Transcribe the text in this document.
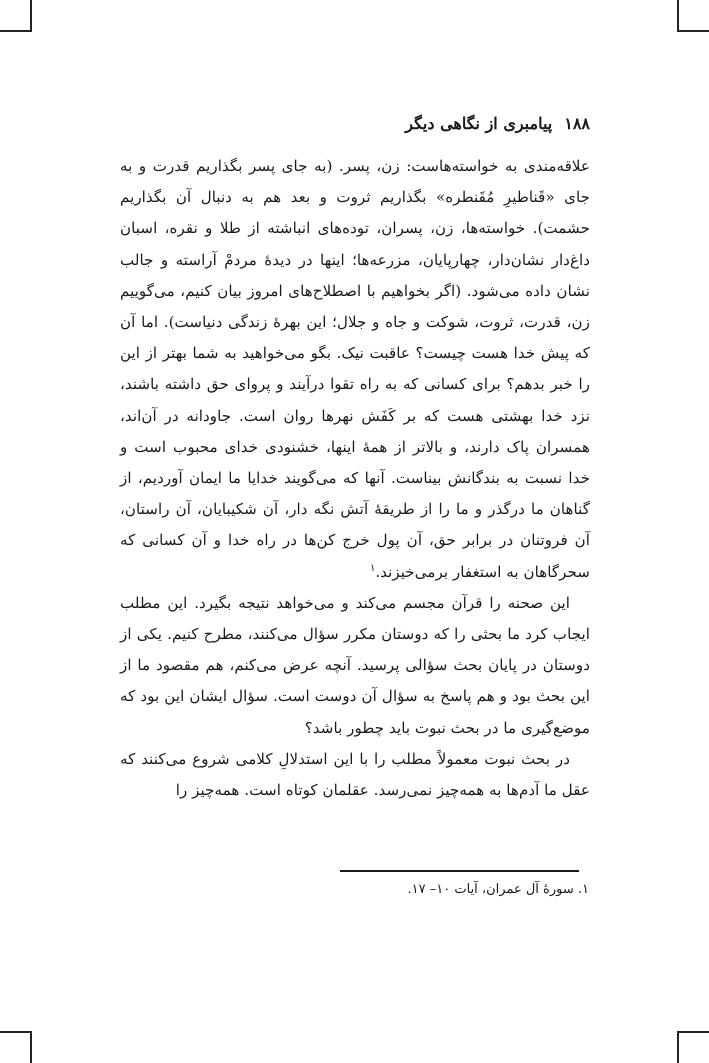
۱۸۸
پیامبری از نگاهی دیگر

علاقه‌مندی به خواسته‌هاست: زن، پسر. (به جای پسر بگذاریم قدرت و به جای «قَناطیرِ مُقَنطره» بگذاریم ثروت و بعد هم به دنبال آن بگذاریم حشمت). خواسته‌ها، زن، پسران، توده‌های انباشته از طلا و نقره، اسبان داغ‌دار نشان‌دار، چهارپایان، مزرعه‌ها؛ اینها در دیدهٔ مردمْ آراسته و جالب نشان داده می‌شود. (اگر بخواهیم با اصطلاح‌های امروز بیان کنیم، می‌گوییم زن، قدرت، ثروت، شوکت و جاه و جلال؛ این بهرهٔ زندگی دنیاست). اما آن که پیش خدا هست چیست؟ عاقبت نیک. بگو می‌خواهید به شما بهتر از این را خبر بدهم؟ برای کسانی که به راه تقوا درآیند و پروای حق داشته باشند، نزد خدا بهشتی هست که بر کَفَش نهرها روان است. جاودانه در آن‌اند، همسران پاک دارند، و بالاتر از همهٔ اینها، خشنودی خدای محبوب است و خدا نسبت به بندگانش بیناست. آنها که می‌گویند خدایا ما ایمان آوردیم، از گناهان ما درگذر و ما را از طریقهٔ آتش نگه دار، آن شکیبایان، آن راستان، آن فروتنان در برابر حق، آن پول خرج کن‌ها در راه خدا و آن کسانی که سحرگاهان به استغفار برمی‌خیزند.$^۱$

این صحنه را قرآن مجسم می‌کند و می‌خواهد نتیجه بگیرد. این مطلب ایجاب کرد ما بحثی را که دوستان مکرر سؤال می‌کنند، مطرح کنیم. یکی از دوستان در پایان بحث سؤالی پرسید. آنچه عرض می‌کنم، هم مقصود ما از این بحث بود و هم پاسخ به سؤال آن دوست است. سؤال ایشان این بود که موضع‌گیری ما در بحث نبوت باید چطور باشد؟

در بحث نبوت معمولاً مطلب را با این استدلالِ کلامی شروع می‌کنند که عقل ما آدم‌ها به همه‌چیز نمی‌رسد. عقلمان کوتاه است. همه‌چیز را

۱. سورهٔ آل عمران، آیات ۱۰– ۱۷.
